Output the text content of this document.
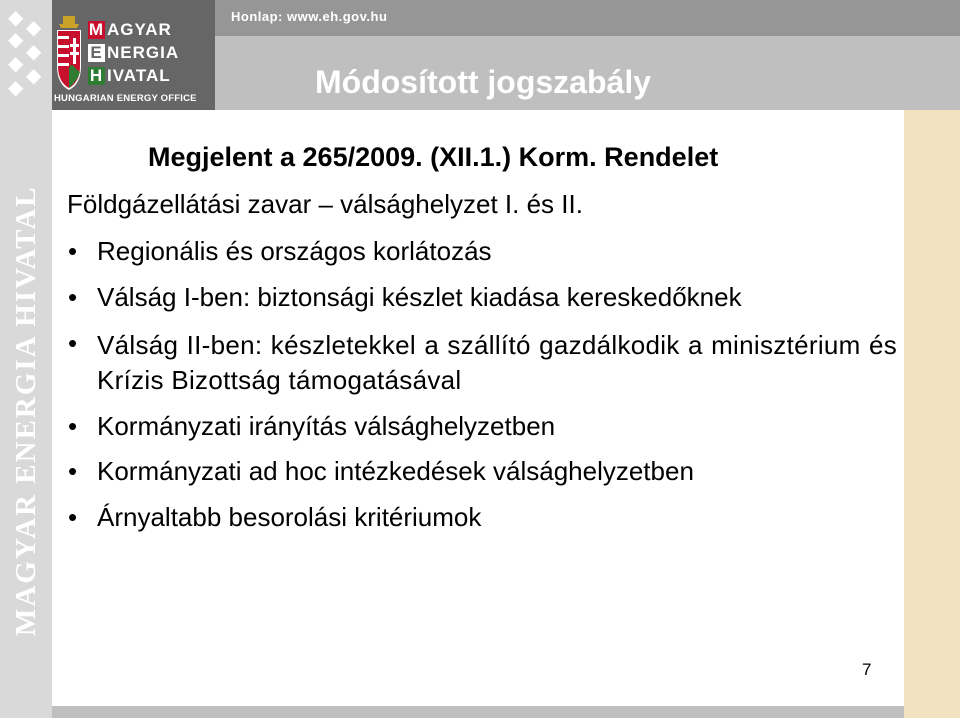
◆ ◆
◆
◆
◆
◆
◆
MAGYAR ENERGIA HIVATAL
M AGYAR
E NERGIA
H IVATAL
HUNGARIAN ENERGY OFFICE
Honlap: www.eh.gov.hu
Módosított jogszabály
Megjelent a 265/2009. (XII.1.) Korm. Rendelet
Földgázellátási zavar – válsághelyzet I. és II.
• Regionális és országos korlátozás
• Válság I-ben: biztonsági készlet kiadása kereskedőknek
• Válság II-ben: készletekkel a szállító gazdálkodik a minisztérium és Krízis Bizottság támogatásával
• Kormányzati irányítás válsághelyzetben
• Kormányzati ad hoc intézkedések válsághelyzetben
• Árnyaltabb besorolási kritériumok
7
